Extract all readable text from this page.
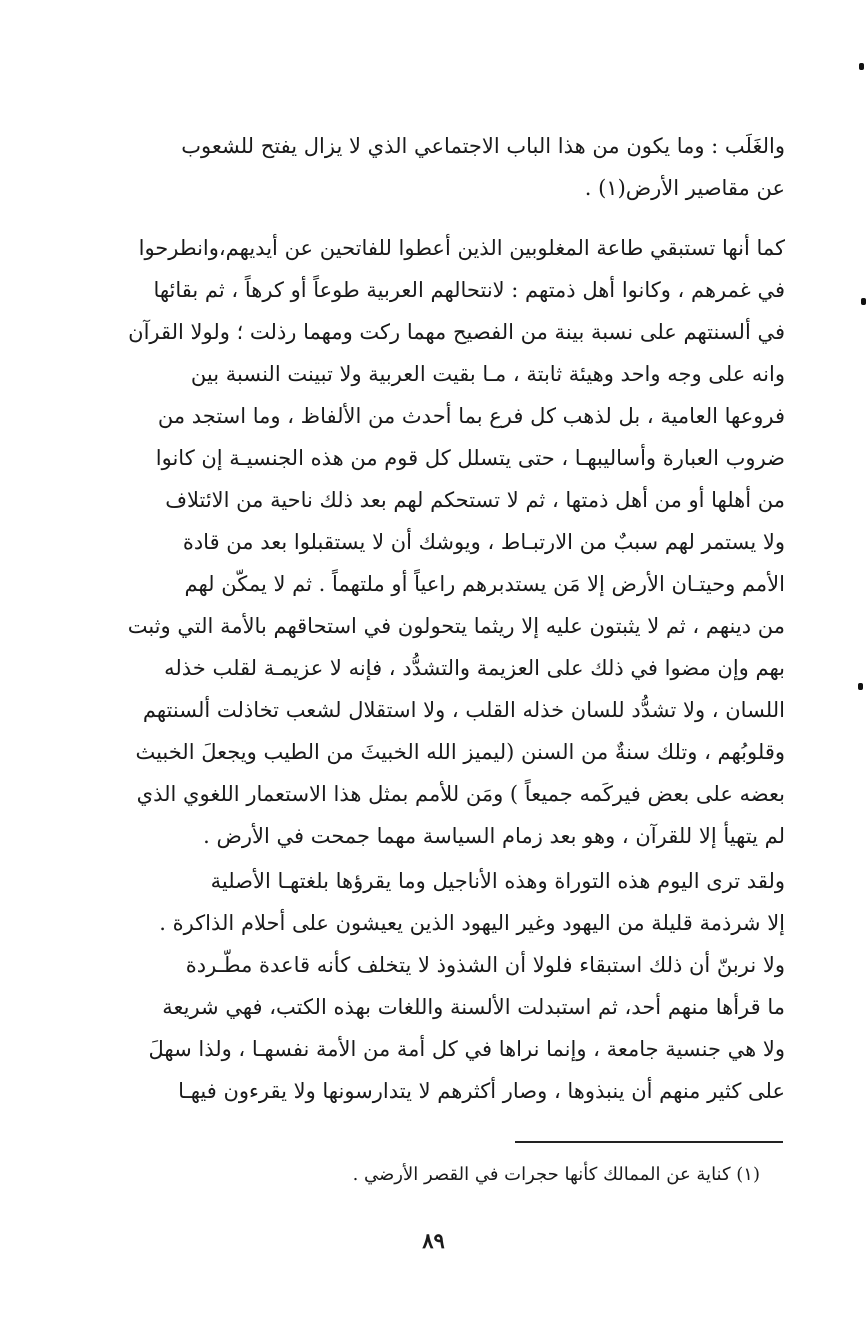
والغَلَب : وما يكون من هذا الباب الاجتماعي الذي لا يزال يفتح للشعوب
عن مقاصير الأرض(١) .
كما أنها تستبقي طاعة المغلوبين الذين أعطوا للفاتحين عن أيديهم،وانطرحوا
في غمرهم ، وكانوا أهل ذمتهم : لانتحالهم العربية طوعاً أو كرهاً ، ثم بقائها
في ألسنتهم على نسبة بينة من الفصيح مهما ركت ومهما رذلت ؛ ولولا القرآن
وانه على وجه واحد وهيئة ثابتة ، مـا بقيت العربية ولا تبينت النسبة بين
فروعها العامية ، بل لذهب كل فرع بما أحدث من الألفاظ ، وما استجد من
ضروب العبارة وأساليبهـا ، حتى يتسلل كل قوم من هذه الجنسيـة إن كانوا
من أهلها أو من أهل ذمتها ، ثم لا تستحكم لهم بعد ذلك ناحية من الائتلاف
ولا يستمر لهم سببٌ من الارتبـاط ، ويوشك أن لا يستقبلوا بعد من قادة
الأمم وحيتـان الأرض إلا مَن يستدبرهم راعياً أو ملتهماً . ثم لا يمكّن لهم
من دينهم ، ثم لا يثبتون عليه إلا ريثما يتحولون في استحاقهم بالأمة التي وثبت
بهم وإن مضوا في ذلك على العزيمة والتشدُّد ، فإنه لا عزيمـة لقلب خذله
اللسان ، ولا تشدُّد للسان خذله القلب ، ولا استقلال لشعب تخاذلت ألسنتهم
وقلوبُهم ، وتلك سنةٌ من السنن (ليميز الله الخبيثَ من الطيب ويجعلَ الخبيث
بعضه على بعض فيركَمه جميعاً ) ومَن للأمم بمثل هذا الاستعمار اللغوي الذي
لم يتهيأ إلا للقرآن ، وهو بعد زمام السياسة مهما جمحت في الأرض .
ولقد ترى اليوم هذه التوراة وهذه الأناجيل وما يقرؤها بلغتهـا الأصلية
إلا شرذمة قليلة من اليهود وغير اليهود الذين يعيشون على أحلام الذاكرة .
ولا نربنّ أن ذلك استبقاء فلولا أن الشذوذ لا يتخلف كأنه قاعدة مطّـردة
ما قرأها منهم أحد، ثم استبدلت الألسنة واللغات بهذه الكتب، فهي شريعة
ولا هي جنسية جامعة ، وإنما نراها في كل أمة من الأمة نفسهـا ، ولذا سهلَ
على كثير منهم أن ينبذوها ، وصار أكثرهم لا يتدارسونها ولا يقرءون فيهـا
(١) كناية عن الممالك كأنها حجرات في القصر الأرضي .
٨٩
